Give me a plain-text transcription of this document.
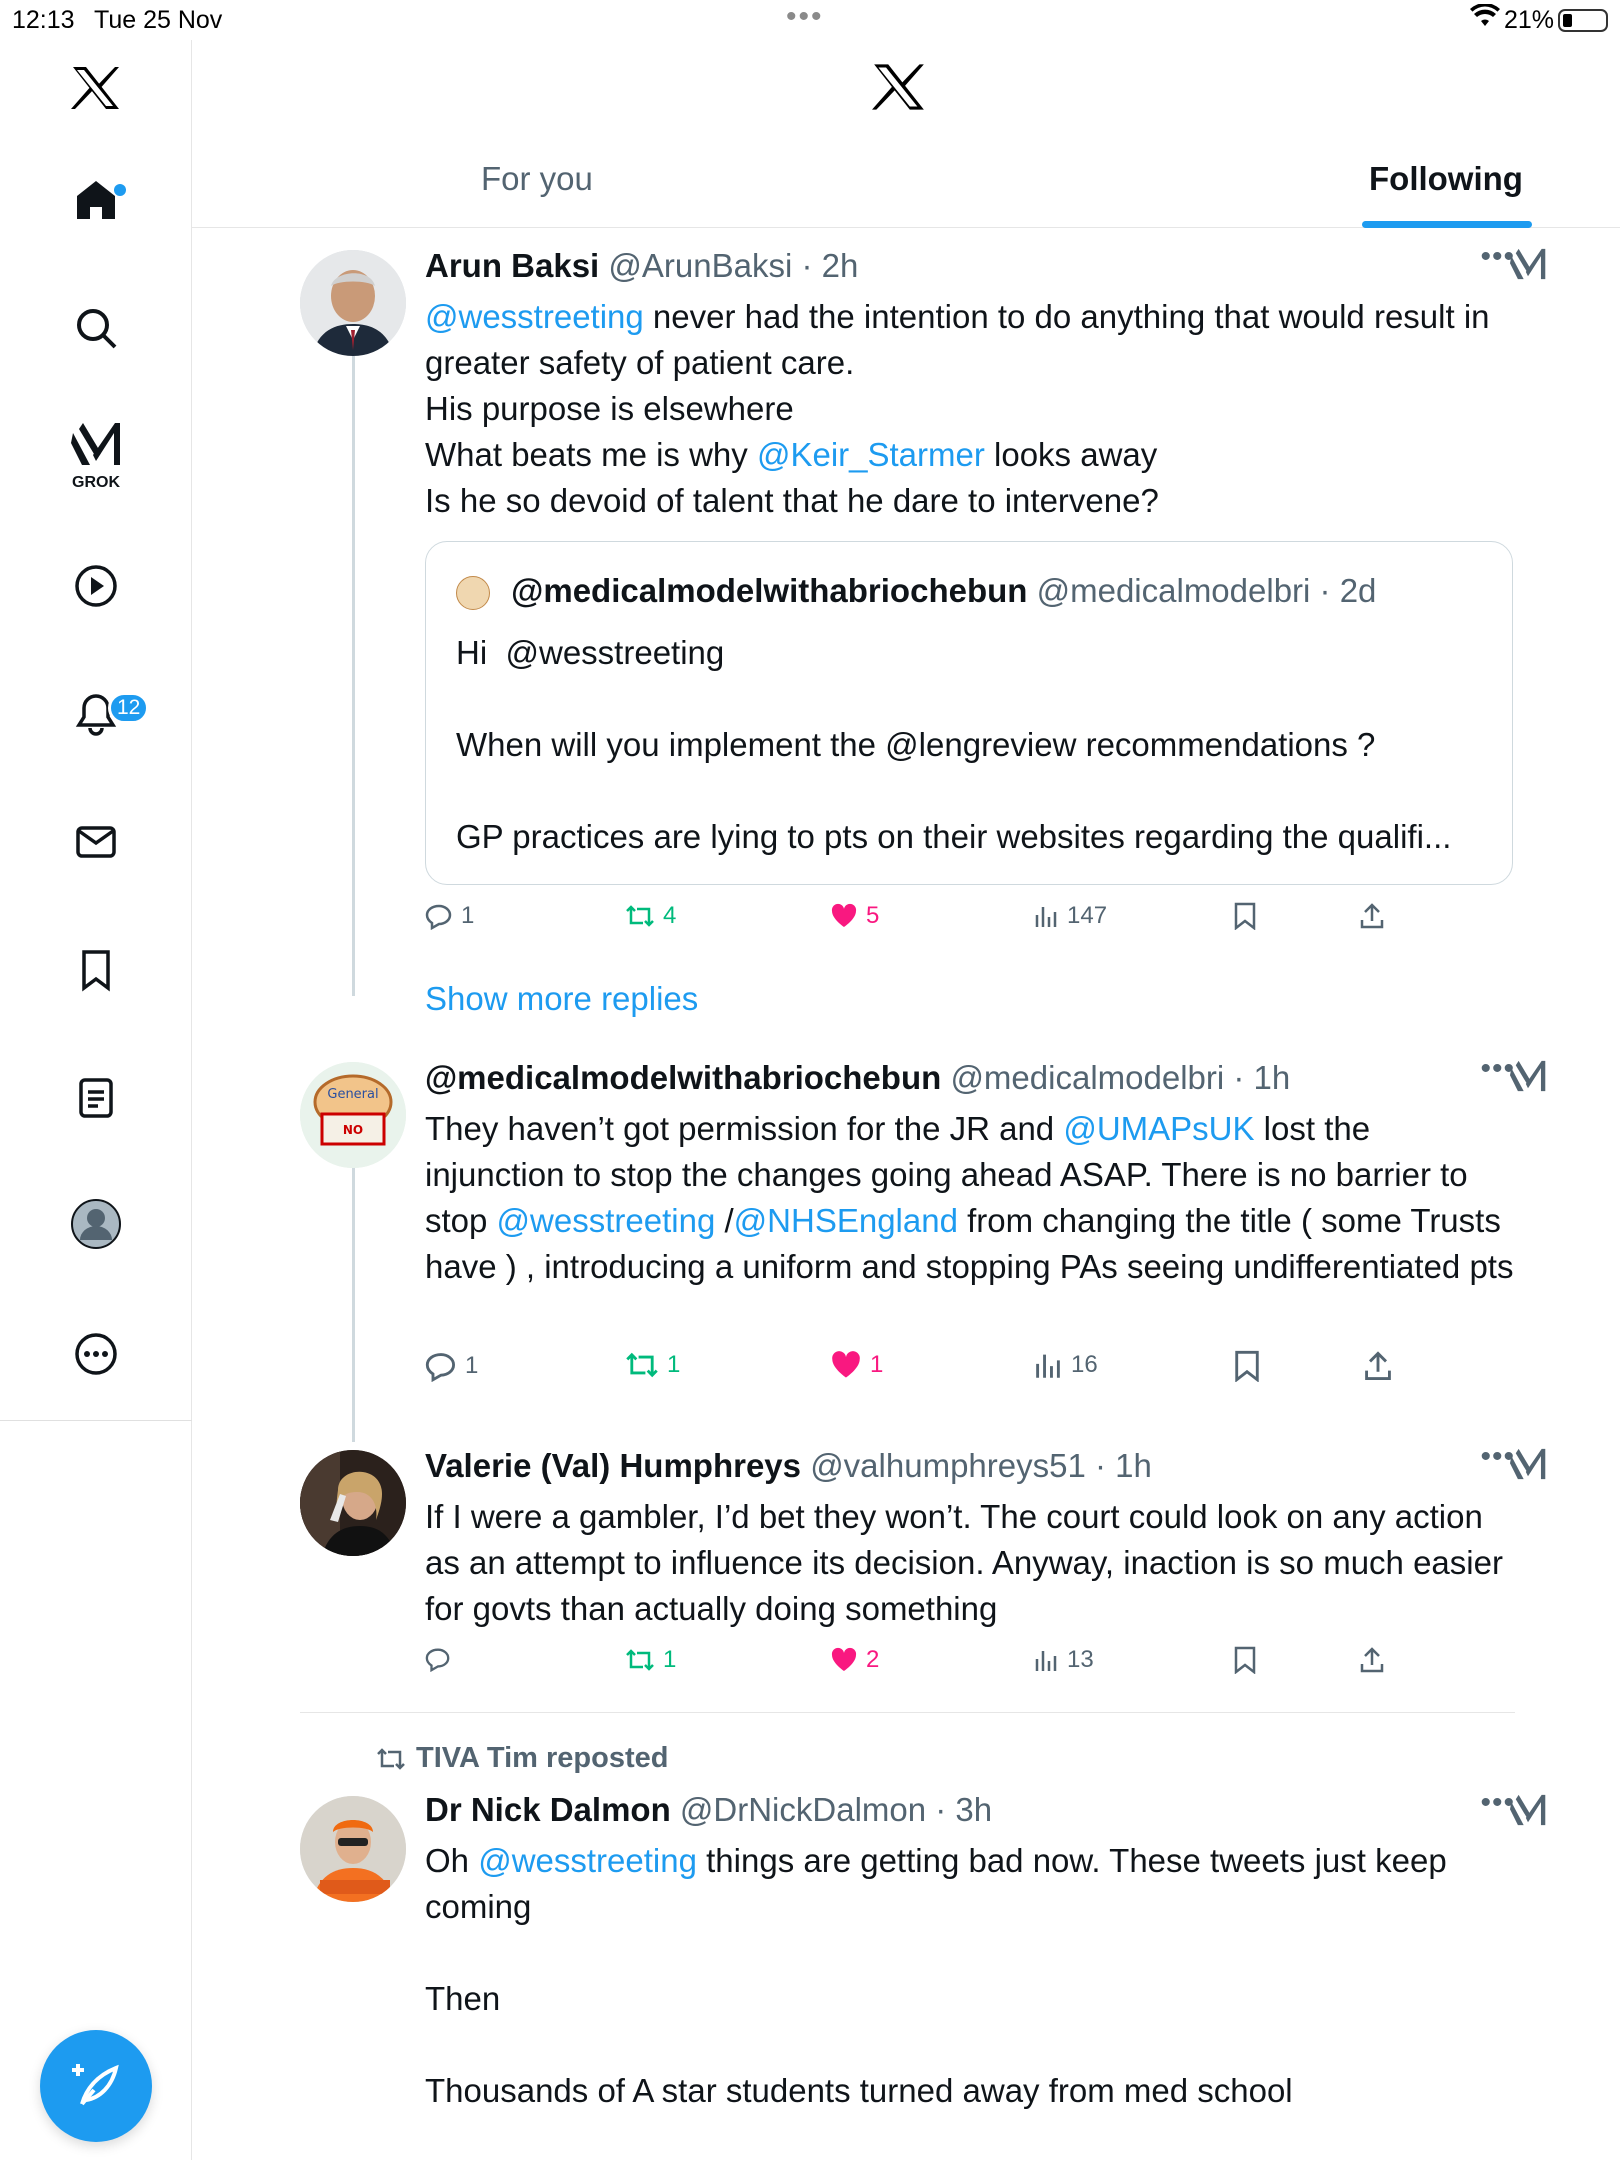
12:13 Tue 25 Nov	•••	21%
GROK
12
For you	Following
Arun Baksi @ArunBaksi · 2h
@wesstreeting never had the intention to do anything that would result in greater safety of patient care.
His purpose is elsewhere
What beats me is why @Keir_Starmer looks away
Is he so devoid of talent that he dare to intervene?
•••
@medicalmodelwithabriochebun @medicalmodelbri · 2d
Hi  @wesstreeting

When will you implement the @lengreview recommendations ?

GP practices are lying to pts on their websites regarding the qualifi...
1	4	5	147
Show more replies
General
NO
@medicalmodelwithabriochebun @medicalmodelbri · 1h
They haven’t got permission for the JR and @UMAPsUK lost the injunction to stop the changes going ahead ASAP. There is no barrier to stop @wesstreeting /@NHSEngland from changing the title ( some Trusts have ) , introducing a uniform and stopping PAs seeing undifferentiated pts
•••
1	1	1	16
Valerie (Val) Humphreys @valhumphreys51 · 1h
If I were a gambler, I’d bet they won’t. The court could look on any action as an attempt to influence its decision. Anyway, inaction is so much easier for govts than actually doing something
•••
1	2	13
TIVA Tim reposted
Dr Nick Dalmon @DrNickDalmon · 3h
Oh @wesstreeting things are getting bad now. These tweets just keep coming

Then

Thousands of A star students turned away from med school
•••
